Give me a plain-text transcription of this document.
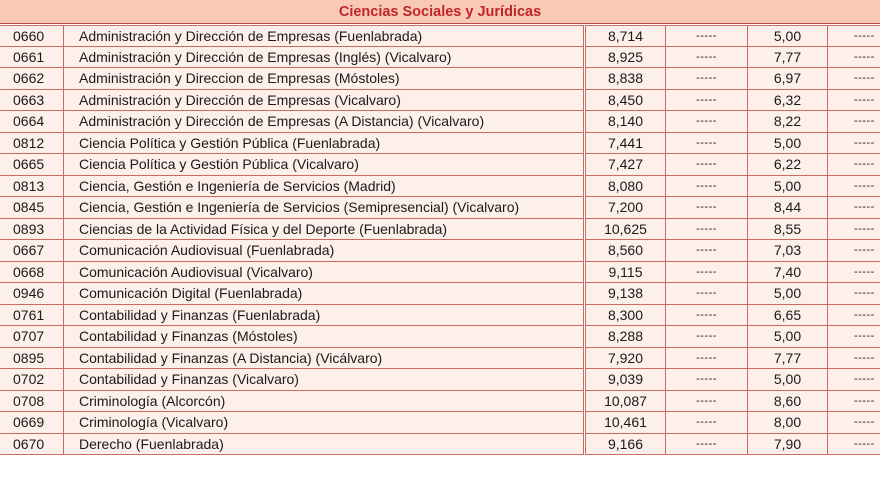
Ciencias Sociales y Jurídicas
0660	Administración y Dirección de Empresas (Fuenlabrada)		8,714	-----	5,00	-----
0661	Administración y Dirección de Empresas (Inglés) (Vicalvaro)		8,925	-----	7,77	-----
0662	Administración y Direccion de Empresas (Móstoles)		8,838	-----	6,97	-----
0663	Administración y Dirección de Empresas (Vicalvaro)		8,450	-----	6,32	-----
0664	Administración y Dirección de Empresas (A Distancia) (Vicalvaro)		8,140	-----	8,22	-----
0812	Ciencia Política y Gestión Pública (Fuenlabrada)		7,441	-----	5,00	-----
0665	Ciencia Política y Gestión Pública (Vicalvaro)		7,427	-----	6,22	-----
0813	Ciencia, Gestión e Ingeniería de Servicios (Madrid)		8,080	-----	5,00	-----
0845	Ciencia, Gestión e Ingeniería de Servicios (Semipresencial) (Vicalvaro)		7,200	-----	8,44	-----
0893	Ciencias de la Actividad Física y del Deporte (Fuenlabrada)		10,625	-----	8,55	-----
0667	Comunicación Audiovisual (Fuenlabrada)		8,560	-----	7,03	-----
0668	Comunicación Audiovisual (Vicalvaro)		9,115	-----	7,40	-----
0946	Comunicación Digital (Fuenlabrada)		9,138	-----	5,00	-----
0761	Contabilidad y Finanzas (Fuenlabrada)		8,300	-----	6,65	-----
0707	Contabilidad y Finanzas (Móstoles)		8,288	-----	5,00	-----
0895	Contabilidad y Finanzas (A Distancia) (Vicálvaro)		7,920	-----	7,77	-----
0702	Contabilidad y Finanzas (Vicalvaro)		9,039	-----	5,00	-----
0708	Criminología (Alcorcón)		10,087	-----	8,60	-----
0669	Criminología (Vicalvaro)		10,461	-----	8,00	-----
0670	Derecho (Fuenlabrada)		9,166	-----	7,90	-----
